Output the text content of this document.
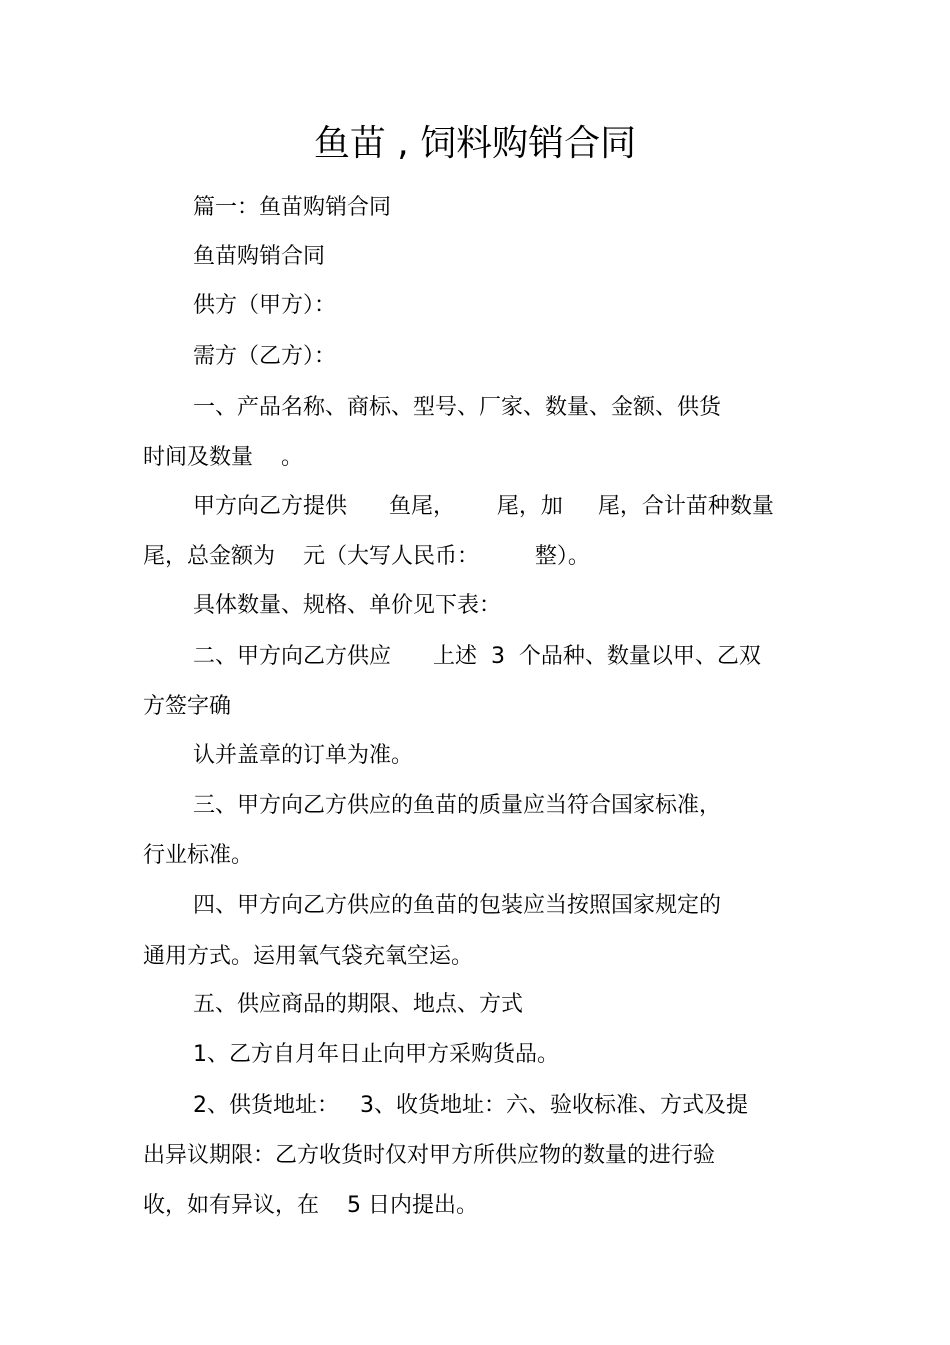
鱼苗 , 饲料购销合同
篇一：鱼苗购销合同
鱼苗购销合同
供方（甲方）：
需方（乙方）：
一、产品名称、商标、型号、厂家、数量、金额、供货
时间及数量    。
甲方向乙方提供      鱼尾，      尾，加     尾，合计苗种数量
尾，总金额为    元（大写人民币：        整）。
具体数量、规格、单价见下表：
二、甲方向乙方供应      上述  3  个品种、数量以甲、乙双
方签字确
认并盖章的订单为准。
三、甲方向乙方供应的鱼苗的质量应当符合国家标准，
行业标准。
四、甲方向乙方供应的鱼苗的包装应当按照国家规定的
通用方式。运用氧气袋充氧空运。
五、供应商品的期限、地点、方式
1、乙方自月年日止向甲方采购货品。
2、供货地址：   3、收货地址：六、验收标准、方式及提
出异议期限：乙方收货时仅对甲方所供应物的数量的进行验
收，如有异议，在    5 日内提出。
